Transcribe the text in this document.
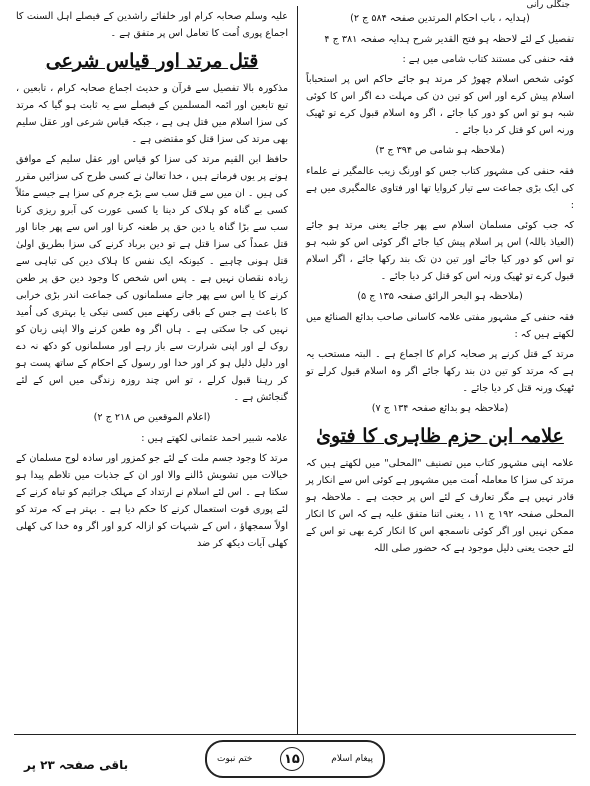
جنگلی رانی

(ہدایہ ، باب احکام المرتدین صفحہ ۵۸۴ ج ۲)

تفصیل کے لئے لاحظہ ہو فتح القدیر شرح ہدایہ صفحہ ۳۸۱ ج ۴

فقہ حنفی کی مستند کتاب شامی میں ہے :

کوئی شخص اسلام چھوڑ کر مرتد ہو جائے حاکم اس پر استحباباً اسلام پیش کرے اور اس کو تین دن کی مہلت دے اگر اس کا کوئی شبہ ہو تو اس کو دور کیا جائے ، اگر وہ اسلام قبول کرے تو ٹھیک ورنہ اس کو قتل کر دیا جائے ۔

(ملاحظہ ہو شامی ص ۳۹۴ ج ۳)

فقہ حنفی کی مشہور کتاب جس کو اورنگ زیب عالمگیر نے علماء کی ایک بڑی جماعت سے تیار کروایا تھا اور فتاوی عالمگیری میں ہے :

کہ جب کوئی مسلمان اسلام سے پھر جائے یعنی مرتد ہو جائے (العیاذ باللہ) اس پر اسلام پیش کیا جائے اگر کوئی اس کو شبہ ہو تو اس کو دور کیا جائے اور تین دن تک بند رکھا جائے ، اگر اسلام قبول کرے تو ٹھیک ورنہ اس کو قتل کر دیا جائے ۔

(ملاحظہ ہو البحر الرائق صفحہ ۱۳۵ ج ۵)

فقہ حنفی کے مشہور مفتی علامہ کاسانی صاحب بدائع الصنائع میں لکھتے ہیں کہ :

مرتد کے قتل کرنے پر صحابہ کرام کا اجماع ہے ۔ البتہ مستحب یہ ہے کہ مرتد کو تین دن بند رکھا جائے اگر وہ اسلام قبول کرلے تو ٹھیک ورنہ قتل کر دیا جائے ۔

(ملاحظہ ہو بدائع صفحہ ۱۳۴ ج ۷)

علامہ ابن حزم ظاہری کا فتویٰ

علامہ اپنی مشہور کتاب میں تصنیف "المحلی" میں لکھتے ہیں کہ مرتد کی سزا کا معاملہ اُمت میں مشہور ہے کوئی اس سے انکار پر قادر نہیں ہے مگر تعارف کے لئے اس پر حجت ہے ۔ ملاحظہ ہو المحلی صفحہ ۱۹۲ ج ۱۱ ، یعنی اتنا متفق علیہ ہے کہ اس کا انکار ممکن نہیں اور اگر کوئی ناسمجھ اس کا انکار کرے بھی تو اس کے لئے حجت یعنی دلیل موجود ہے کہ حضور صلی اللہ

علیہ وسلم صحابہ کرام اور خلفائے راشدین کے فیصلے اہل السنت کا اجماع پوری اُمت کا تعامل اس پر متفق ہے ۔

قتل مرتد اور قیاس شرعی

مذکورہ بالا تفصیل سے قرآن و حدیث اجماع صحابہ کرام ، تابعین ، تبع تابعین اور ائمہ المسلمین کے فیصلے سے یہ ثابت ہو گیا کہ مرتد کی سزا اسلام میں قتل ہی ہے ، جبکہ قیاس شرعی اور عقل سلیم بھی مرتد کی سزا قتل کو مقتضی ہے ۔

حافظ ابن القیم مرتد کی سزا کو قیاس اور عقل سلیم کے موافق ہونے پر یوں فرماتے ہیں ، خدا تعالیٰ نے کسی طرح کی سزائیں مقرر کی ہیں ۔ ان میں سے قتل سب سے بڑے جرم کی سزا ہے جیسے مثلاً کسی بے گناہ کو ہلاک کر دینا یا کسی عورت کی آبرو ریزی کرنا سب سے بڑا گناہ یا دین حق پر طعنہ کرنا اور اس سے پھر جانا اور قتل عمداً کی سزا قتل ہے تو دین برباد کرنے کی سزا بطریق اولیٰ قتل ہونی چاہیے ۔ کیونکہ ایک نفس کا ہلاک دین کی تباہی سے زیادہ نقصان نہیں ہے ۔ پس اس شخص کا وجود دین حق پر طعن کرنے کا یا اس سے پھر جانے مسلمانوں کی جماعت اندر بڑی خرابی کا باعث ہے جس کے باقی رکھنے میں کسی نیکی یا بہتری کی اُمید نہیں کی جا سکتی ہے ۔ ہاں اگر وہ طعن کرنے والا اپنی زبان کو روک لے اور اپنی شرارت سے باز رہے اور مسلمانوں کو دکھ نہ دے اور دلیل ذلیل ہو کر اور خدا اور رسول کے احکام کے ساتھ پست ہو کر رہنا قبول کرلے ، تو اس چند روزہ زندگی میں اس کے لئے گنجائش ہے ۔

(اعلام الموقعین ص ۲۱۸ ج ۲)

علامہ شبیر احمد عثمانی لکھتے ہیں :

مرتد کا وجود جسم ملت کے لئے جو کمزور اور سادہ لوح مسلمان کے خیالات میں تشویش ڈالنے والا اور ان کے جذبات میں تلاطم پیدا ہو سکتا ہے ۔ اس لئے اسلام نے ارتداد کے مہلک جراثیم کو تباہ کرنے کے لئے پوری قوت استعمال کرنے کا حکم دیا ہے ۔ بہتر ہے کہ مرتد کو اولاً سمجھاؤ ، اس کے شبہات کو ازالہ کرو اور اگر وہ خدا کی کھلی کھلی آیات دیکھ کر ضد

باقی صفحہ ۲۳ پر	پیغام اسلام
۱۵
ختم نبوت
